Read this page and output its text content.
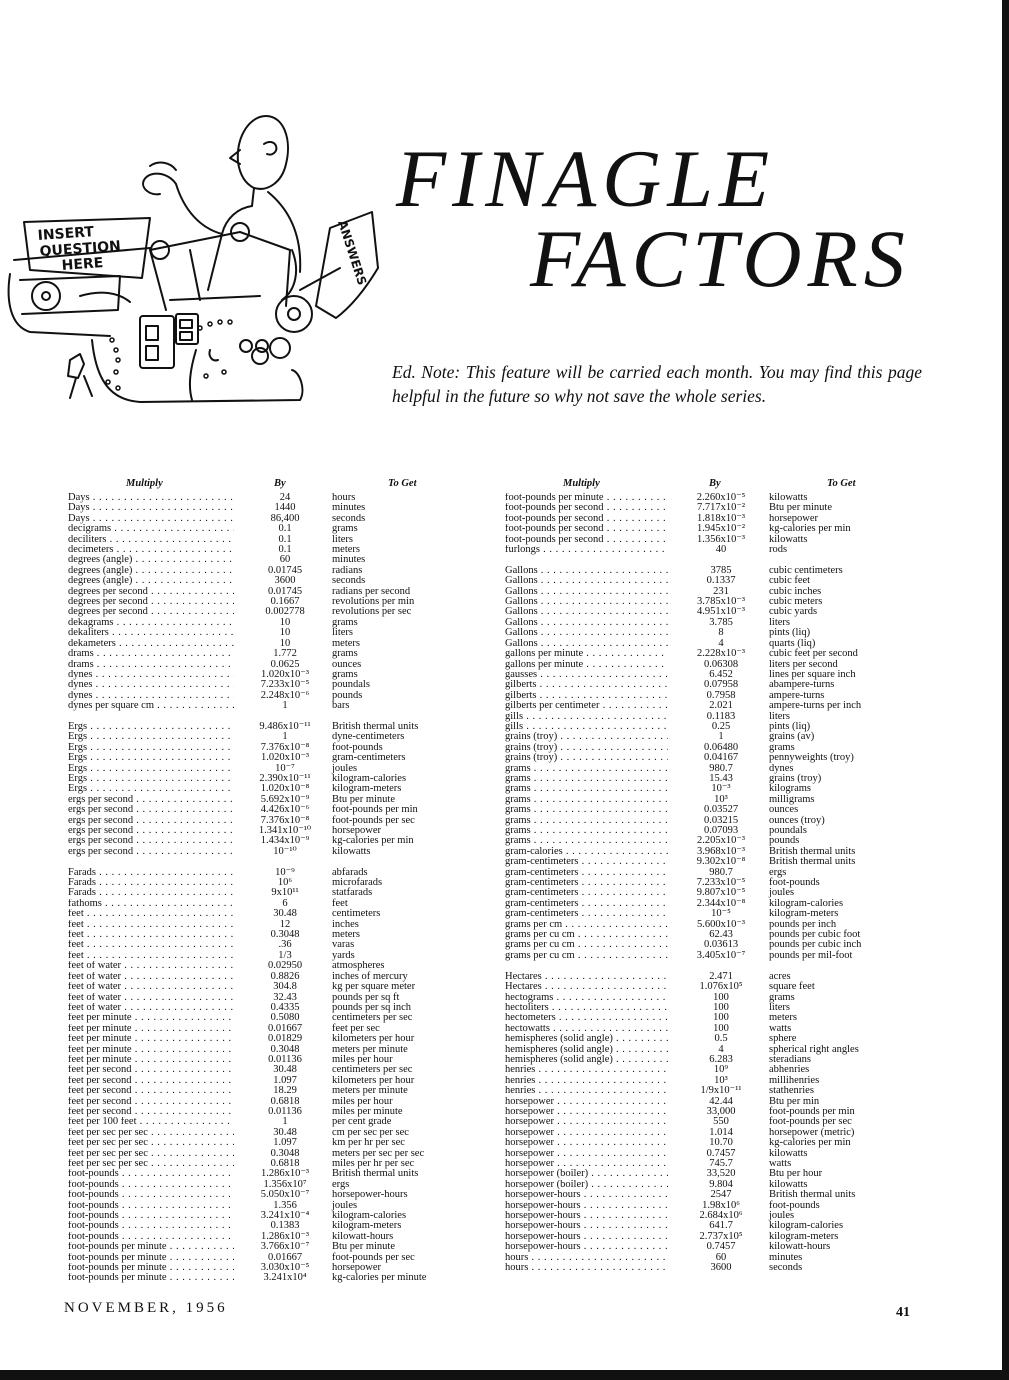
INSERT
QUESTION
HERE	ANSWERS
FINAGLE
FACTORS
Ed. Note: This feature will be carried each month. You may find this page helpful in the future so why not save the whole series.
Multiply	By	To Get
Days . . .	24	hours
Days . . .	1440	minutes
Days . . .	86,400	seconds
decigrams . . .	0.1	grams
deciliters . . .	0.1	liters
decimeters . . .	0.1	meters
degrees (angle) . . .	60	minutes
degrees (angle) . . .	0.01745	radians
degrees (angle) . . .	3600	seconds
degrees per second . . .	0.01745	radians per second
degrees per second . . .	0.1667	revolutions per min
degrees per second . . .	0.002778	revolutions per sec
dekagrams . . .	10	grams
dekaliters . . .	10	liters
dekameters . . .	10	meters
drams . . .	1.772	grams
drams . . .	0.0625	ounces
dynes . . .	1.020x10⁻³	grams
dynes . . .	7.233x10⁻⁵	poundals
dynes . . .	2.248x10⁻⁶	pounds
dynes per square cm . . .	1	bars
Ergs . . .	9.486x10⁻¹¹	British thermal units
Ergs . . .	1	dyne-centimeters
Ergs . . .	7.376x10⁻⁸	foot-pounds
Ergs . . .	1.020x10⁻³	gram-centimeters
Ergs . . .	10⁻⁷	joules
Ergs . . .	2.390x10⁻¹¹	kilogram-calories
Ergs . . .	1.020x10⁻⁸	kilogram-meters
ergs per second . . .	5.692x10⁻⁹	Btu per minute
ergs per second . . .	4.426x10⁻⁶	foot-pounds per min
ergs per second . . .	7.376x10⁻⁸	foot-pounds per sec
ergs per second . . .	1.341x10⁻¹⁰	horsepower
ergs per second . . .	1.434x10⁻⁹	kg-calories per min
ergs per second . . .	10⁻¹⁰	kilowatts
Farads . . .	10⁻⁹	abfarads
Farads . . .	10⁶	microfarads
Farads . . .	9x10¹¹	statfarads
fathoms . . .	6	feet
feet . . .	30.48	centimeters
feet . . .	12	inches
feet . . .	0.3048	meters
feet . . .	.36	varas
feet . . .	1/3	yards
feet of water . . .	0.02950	atmospheres
feet of water . . .	0.8826	inches of mercury
feet of water . . .	304.8	kg per square meter
feet of water . . .	32.43	pounds per sq ft
feet of water . . .	0.4335	pounds per sq inch
feet per minute . . .	0.5080	centimeters per sec
feet per minute . . .	0.01667	feet per sec
feet per minute . . .	0.01829	kilometers per hour
feet per minute . . .	0.3048	meters per minute
feet per minute . . .	0.01136	miles per hour
feet per second . . .	30.48	centimeters per sec
feet per second . . .	1.097	kilometers per hour
feet per second . . .	18.29	meters per minute
feet per second . . .	0.6818	miles per hour
feet per second . . .	0.01136	miles per minute
feet per 100 feet . . .	1	per cent grade
feet per sec per sec . . .	30.48	cm per sec per sec
feet per sec per sec . . .	1.097	km per hr per sec
feet per sec per sec . . .	0.3048	meters per sec per sec
feet per sec per sec . . .	0.6818	miles per hr per sec
foot-pounds . . .	1.286x10⁻³	British thermal units
foot-pounds . . .	1.356x10⁷	ergs
foot-pounds . . .	5.050x10⁻⁷	horsepower-hours
foot-pounds . . .	1.356	joules
foot-pounds . . .	3.241x10⁻⁴	kilogram-calories
foot-pounds . . .	0.1383	kilogram-meters
foot-pounds . . .	1.286x10⁻³	kilowatt-hours
foot-pounds per minute . . .	3.766x10⁻⁷	Btu per minute
foot-pounds per minute . . .	0.01667	foot-pounds per sec
foot-pounds per minute . . .	3.030x10⁻⁵	horsepower
foot-pounds per minute . . .	3.241x10⁴	kg-calories per minute
Multiply	By	To Get
foot-pounds per minute . . .	2.260x10⁻⁵	kilowatts
foot-pounds per second . . .	7.717x10⁻²	Btu per minute
foot-pounds per second . . .	1.818x10⁻³	horsepower
foot-pounds per second . . .	1.945x10⁻²	kg-calories per min
foot-pounds per second . . .	1.356x10⁻³	kilowatts
furlongs . . .	40	rods
Gallons . . .	3785	cubic centimeters
Gallons . . .	0.1337	cubic feet
Gallons . . .	231	cubic inches
Gallons . . .	3.785x10⁻³	cubic meters
Gallons . . .	4.951x10⁻³	cubic yards
Gallons . . .	3.785	liters
Gallons . . .	8	pints (liq)
Gallons . . .	4	quarts (liq)
gallons per minute . . .	2.228x10⁻³	cubic feet per second
gallons per minute . . .	0.06308	liters per second
gausses . . .	6.452	lines per square inch
gilberts . . .	0.07958	abampere-turns
gilberts . . .	0.7958	ampere-turns
gilberts per centimeter . . .	2.021	ampere-turns per inch
gills . . .	0.1183	liters
gills . . .	0.25	pints (liq)
grains (troy) . . .	1	grains (av)
grains (troy) . . .	0.06480	grams
grains (troy) . . .	0.04167	pennyweights (troy)
grams . . .	980.7	dynes
grams . . .	15.43	grains (troy)
grams . . .	10⁻³	kilograms
grams . . .	10³	milligrams
grams . . .	0.03527	ounces
grams . . .	0.03215	ounces (troy)
grams . . .	0.07093	poundals
grams . . .	2.205x10⁻³	pounds
gram-calories . . .	3.968x10⁻³	British thermal units
gram-centimeters . . .	9.302x10⁻⁸	British thermal units
gram-centimeters . . .	980.7	ergs
gram-centimeters . . .	7.233x10⁻⁵	foot-pounds
gram-centimeters . . .	9.807x10⁻⁵	joules
gram-centimeters . . .	2.344x10⁻⁸	kilogram-calories
gram-centimeters . . .	10⁻⁵	kilogram-meters
grams per cm . . .	5.600x10⁻³	pounds per inch
grams per cu cm . . .	62.43	pounds per cubic foot
grams per cu cm . . .	0.03613	pounds per cubic inch
grams per cu cm . . .	3.405x10⁻⁷	pounds per mil-foot
Hectares . . .	2.471	acres
Hectares . . .	1.076x10⁵	square feet
hectograms . . .	100	grams
hectoliters . . .	100	liters
hectometers . . .	100	meters
hectowatts . . .	100	watts
hemispheres (solid angle) . . .	0.5	sphere
hemispheres (solid angle) . . .	4	spherical right angles
hemispheres (solid angle) . . .	6.283	steradians
henries . . .	10⁹	abhenries
henries . . .	10³	millihenries
henries . . .	1/9x10⁻¹¹	stathenries
horsepower . . .	42.44	Btu per min
horsepower . . .	33,000	foot-pounds per min
horsepower . . .	550	foot-pounds per sec
horsepower . . .	1.014	horsepower (metric)
horsepower . . .	10.70	kg-calories per min
horsepower . . .	0.7457	kilowatts
horsepower . . .	745.7	watts
horsepower (boiler) . . .	33,520	Btu per hour
horsepower (boiler) . . .	9.804	kilowatts
horsepower-hours . . .	2547	British thermal units
horsepower-hours . . .	1.98x10⁶	foot-pounds
horsepower-hours . . .	2.684x10⁶	joules
horsepower-hours . . .	641.7	kilogram-calories
horsepower-hours . . .	2.737x10⁵	kilogram-meters
horsepower-hours . . .	0.7457	kilowatt-hours
hours . . .	60	minutes
hours . . .	3600	seconds
NOVEMBER, 1956	41
